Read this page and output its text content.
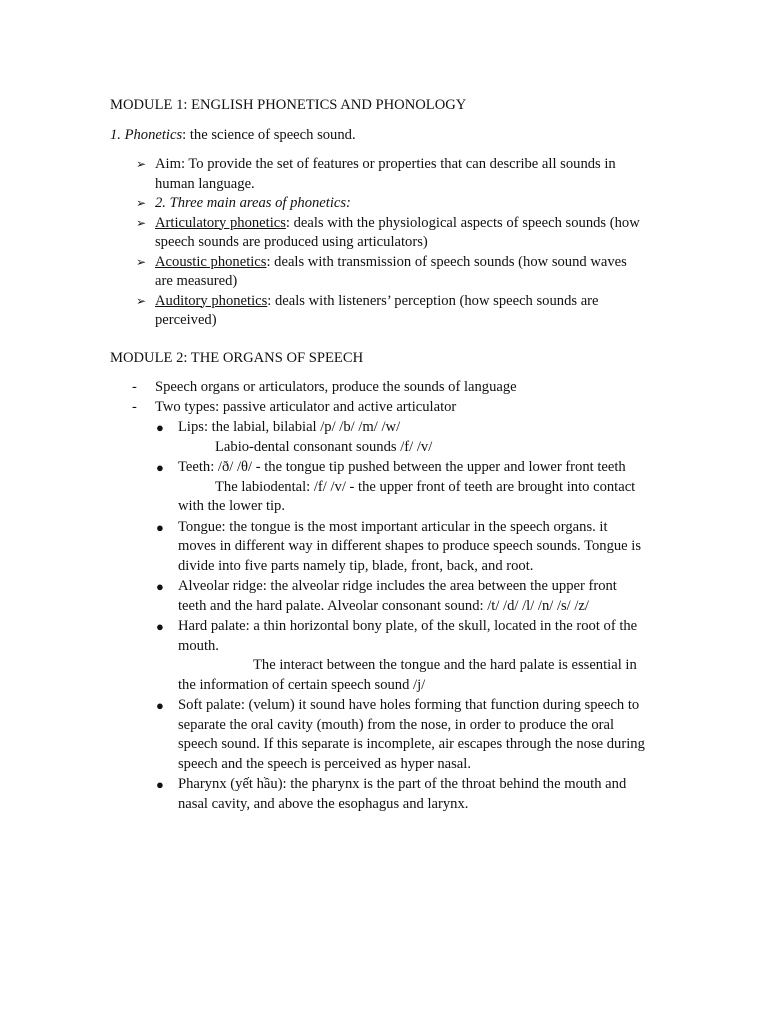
MODULE 1: ENGLISH PHONETICS AND PHONOLOGY

1. Phonetics: the science of speech sound.

➢ Aim: To provide the set of features or properties that can describe all sounds in human language.
➢ 2. Three main areas of phonetics:
➢ Articulatory phonetics: deals with the physiological aspects of speech sounds (how speech sounds are produced using articulators)
➢ Acoustic phonetics: deals with transmission of speech sounds (how sound waves are measured)
➢ Auditory phonetics: deals with listeners’ perception (how speech sounds are perceived)
MODULE 2: THE ORGANS OF SPEECH
- Speech organs or articulators, produce the sounds of language
- Two types: passive articulator and active articulator
● Lips: the labial, bilabial /p/ /b/ /m/ /w/
Labio-dental consonant sounds /f/ /v/
● Teeth: /ð/ /θ/ - the tongue tip pushed between the upper and lower front teeth
The labiodental: /f/ /v/ - the upper front of teeth are brought into contact with the lower tip.
● Tongue: the tongue is the most important articular in the speech organs. it moves in different way in different shapes to produce speech sounds. Tongue is divide into five parts namely tip, blade, front, back, and root.
● Alveolar ridge: the alveolar ridge includes the area between the upper front teeth and the hard palate. Alveolar consonant sound: /t/ /d/ /l/ /n/ /s/ /z/
● Hard palate: a thin horizontal bony plate, of the skull, located in the root of the mouth.
The interact between the tongue and the hard palate is essential in the information of certain speech sound /j/
● Soft palate: (velum) it sound have holes forming that function during speech to separate the oral cavity (mouth) from the nose, in order to produce the oral speech sound. If this separate is incomplete, air escapes through the nose during speech and the speech is perceived as hyper nasal.
● Pharynx (yết hầu): the pharynx is the part of the throat behind the mouth and nasal cavity, and above the esophagus and larynx.
